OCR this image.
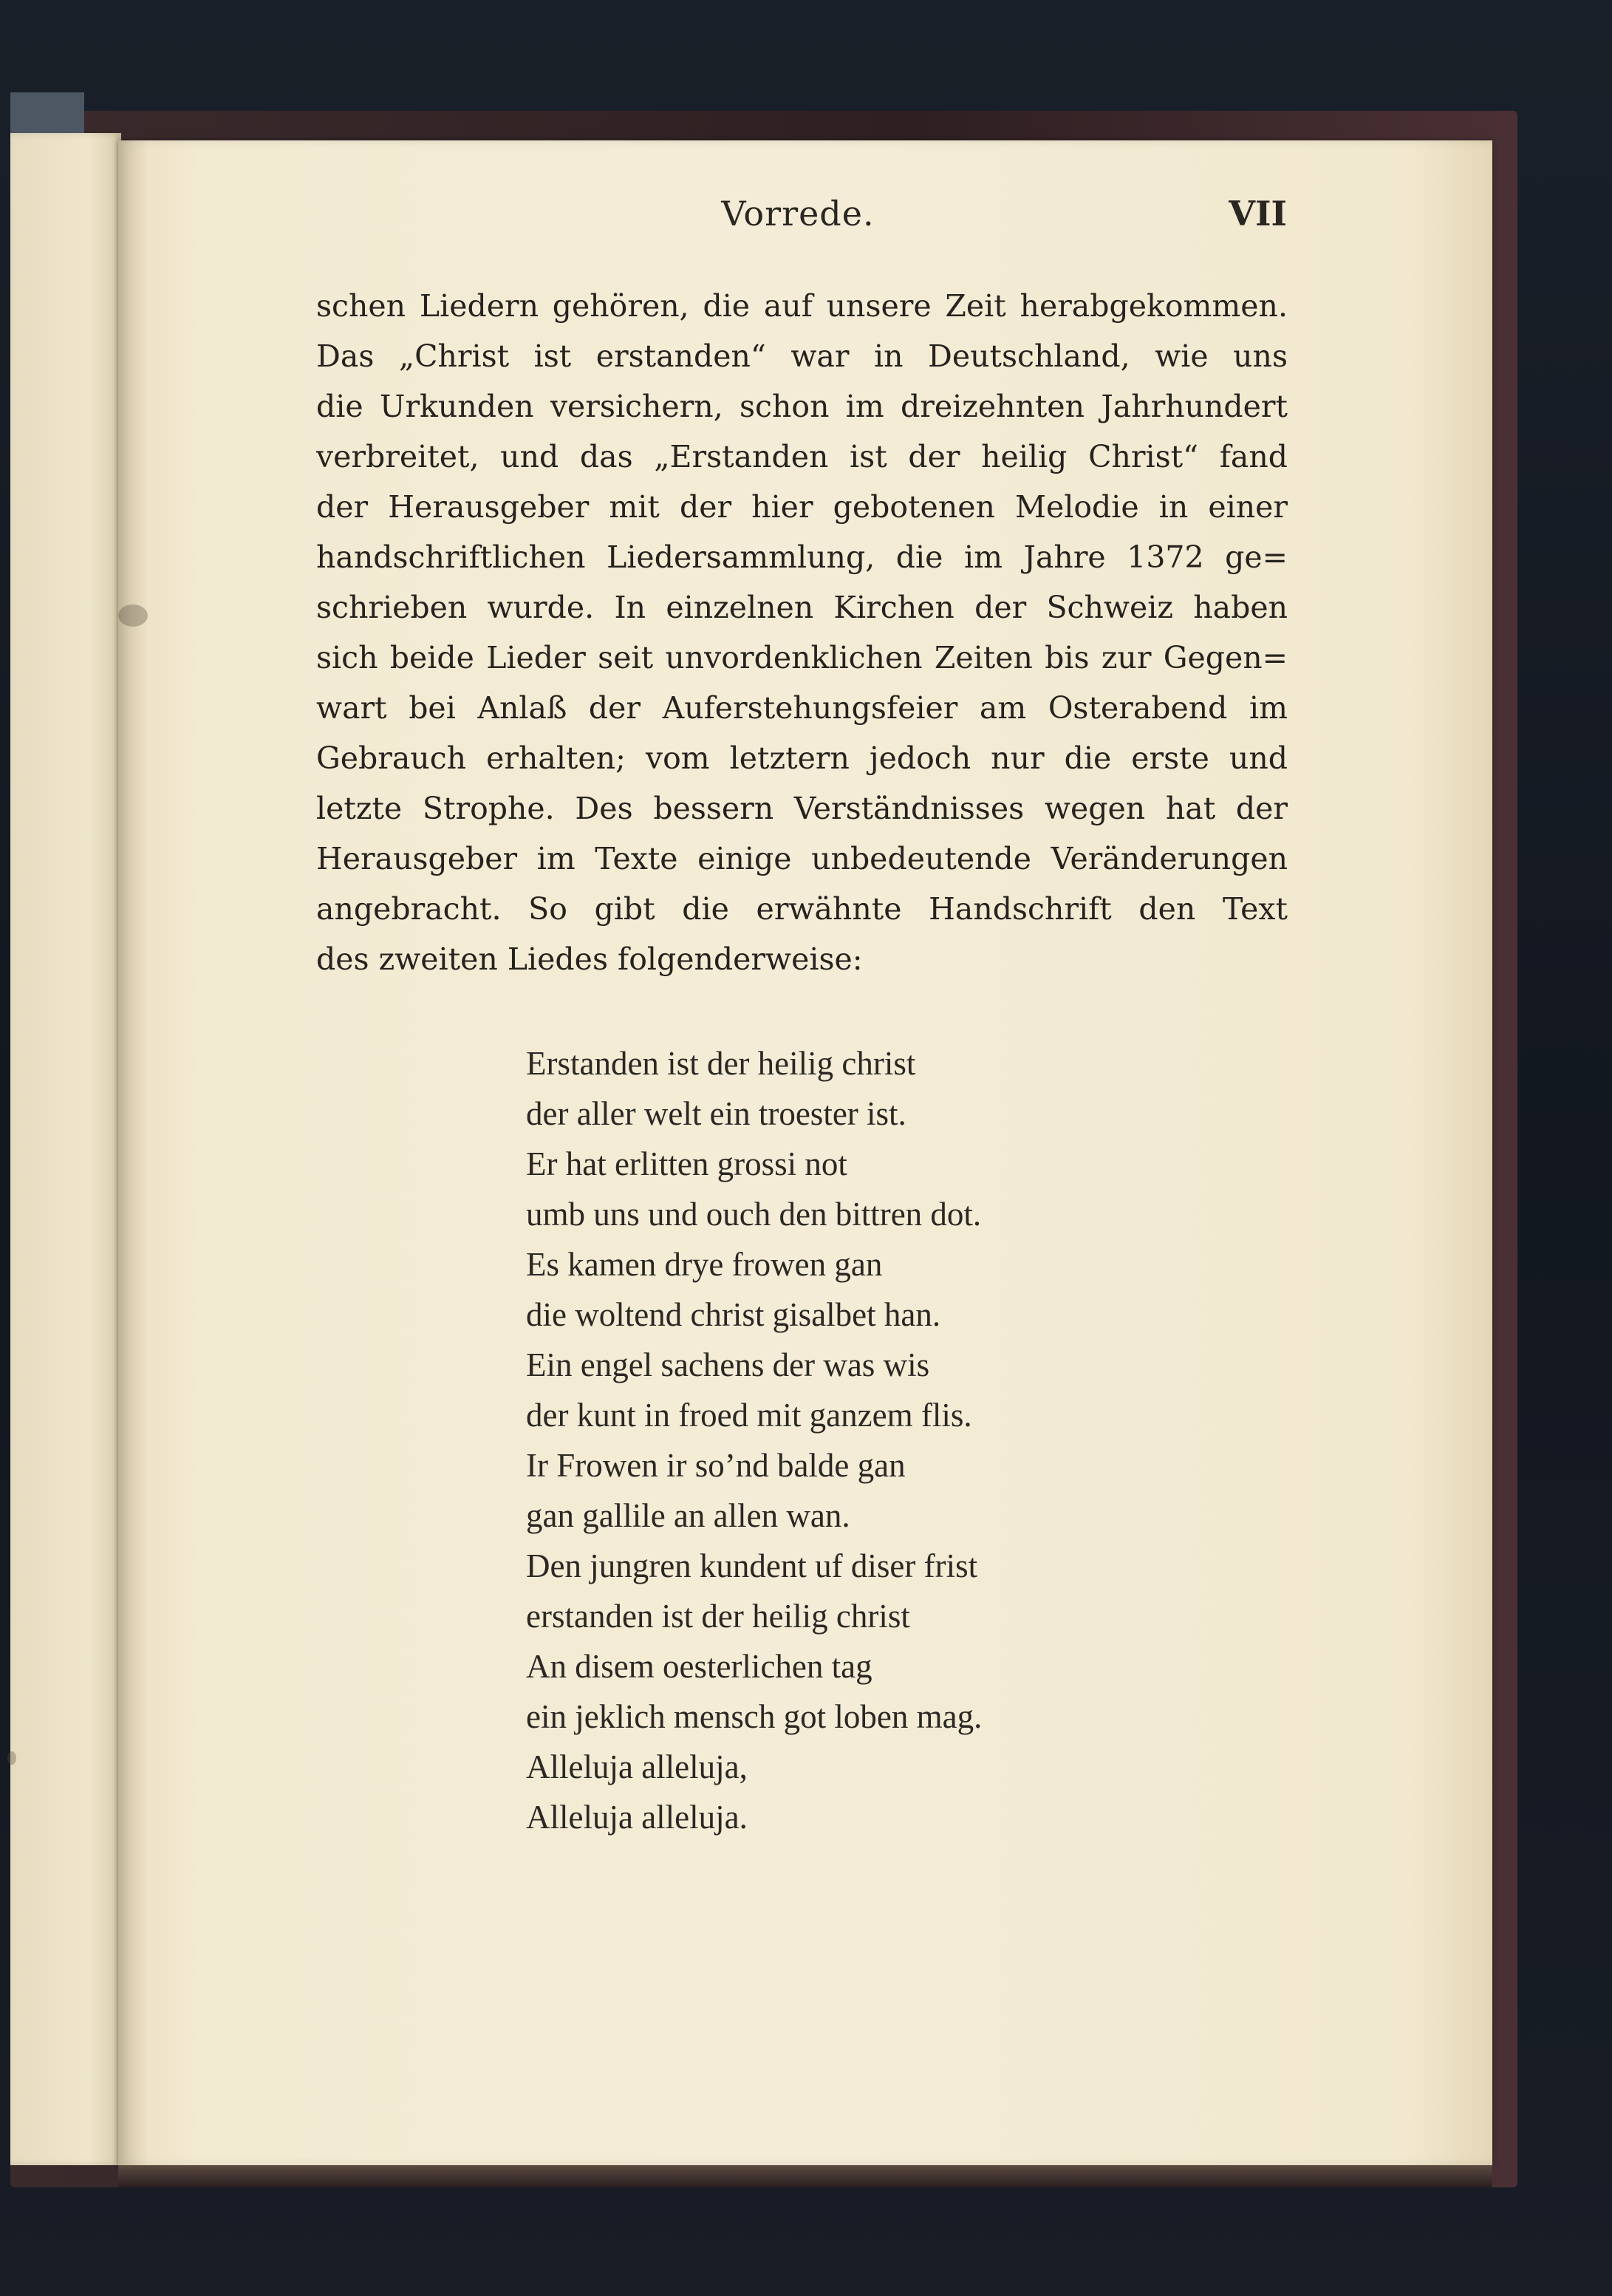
Vorrede.	VII
schen Liedern gehören, die auf unsere Zeit herabgekommen.
Das „Christ ist erstanden“ war in Deutschland, wie uns
die Urkunden versichern, schon im dreizehnten Jahrhundert
verbreitet, und das „Erstanden ist der heilig Christ“ fand
der Herausgeber mit der hier gebotenen Melodie in einer
handschriftlichen Liedersammlung, die im Jahre 1372 ge=
schrieben wurde. In einzelnen Kirchen der Schweiz haben
sich beide Lieder seit unvordenklichen Zeiten bis zur Gegen=
wart bei Anlaß der Auferstehungsfeier am Osterabend im
Gebrauch erhalten; vom letztern jedoch nur die erste und
letzte Strophe. Des bessern Verständnisses wegen hat der
Herausgeber im Texte einige unbedeutende Veränderungen
angebracht. So gibt die erwähnte Handschrift den Text
des zweiten Liedes folgenderweise:
Erstanden ist der heilig christ
der aller welt ein troester ist.
Er hat erlitten grossi not
umb uns und ouch den bittren dot.
Es kamen drye frowen gan
die woltend christ gisalbet han.
Ein engel sachens der was wis
der kunt in froed mit ganzem flis.
Ir Frowen ir so’nd balde gan
gan gallile an allen wan.
Den jungren kundent uf diser frist
erstanden ist der heilig christ
An disem oesterlichen tag
ein jeklich mensch got loben mag.
Alleluja alleluja,
Alleluja alleluja.
